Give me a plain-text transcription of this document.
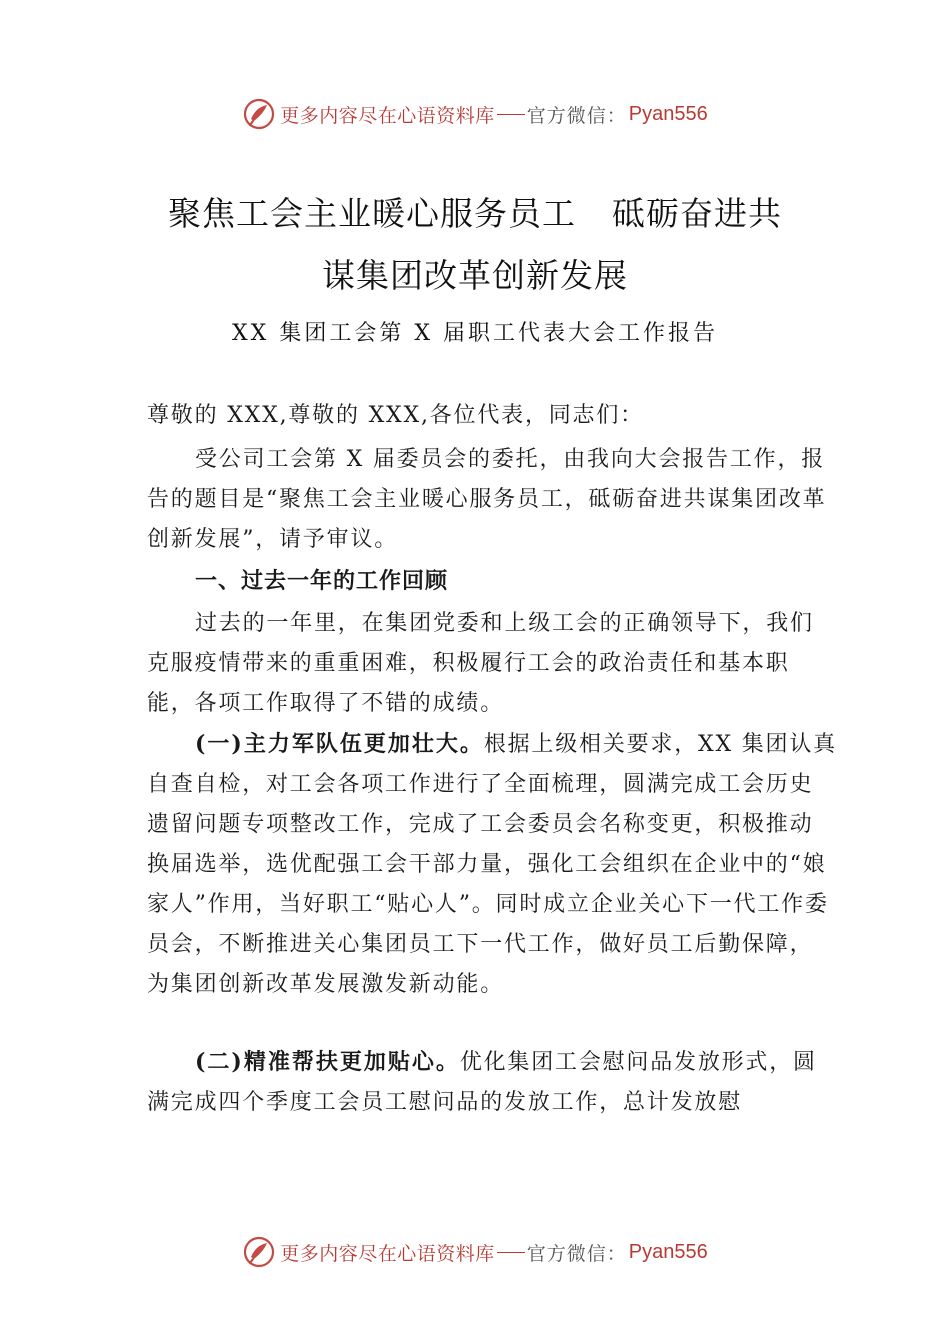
更多内容尽在心语资料库 官方微信： Pyan556
聚焦工会主业暖心服务员工 砥砺奋进共
谋集团改革创新发展
XX 集团工会第 X 届职工代表大会工作报告
尊敬的 XXX,尊敬的 XXX,各位代表，同志们：
受公司工会第 X 届委员会的委托，由我向大会报告工作，报告的题目是“聚焦工会主业暖心服务员工，砥砺奋进共谋集团改革创新发展”，请予审议。
一、过去一年的工作回顾
过去的一年里，在集团党委和上级工会的正确领导下，我们克服疫情带来的重重困难，积极履行工会的政治责任和基本职能，各项工作取得了不错的成绩。
(一)主力军队伍更加壮大。根据上级相关要求，XX 集团认真自查自检，对工会各项工作进行了全面梳理，圆满完成工会历史遗留问题专项整改工作，完成了工会委员会名称变更，积极推动换届选举，选优配强工会干部力量，强化工会组织在企业中的“娘家人”作用，当好职工“贴心人”。同时成立企业关心下一代工作委员会，不断推进关心集团员工下一代工作，做好员工后勤保障，为集团创新改革发展激发新动能。
(二)精准帮扶更加贴心。优化集团工会慰问品发放形式，圆满完成四个季度工会员工慰问品的发放工作，总计发放慰
更多内容尽在心语资料库 官方微信： Pyan556
